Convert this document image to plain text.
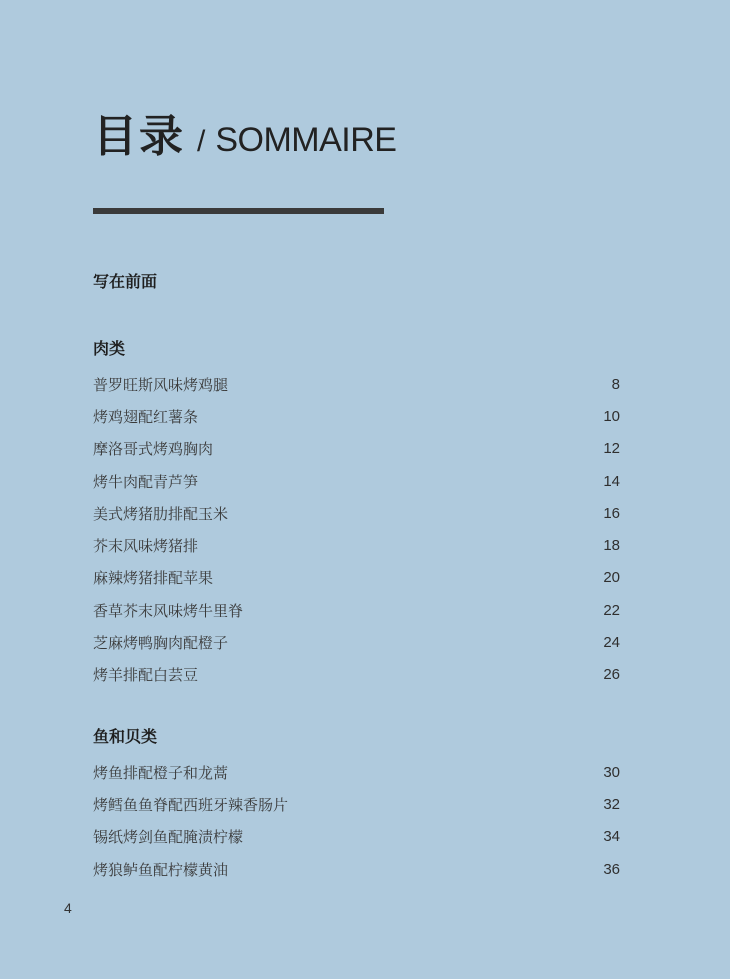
目录 / SOMMAIRE
写在前面
肉类
普罗旺斯风味烤鸡腿	8
烤鸡翅配红薯条	10
摩洛哥式烤鸡胸肉	12
烤牛肉配青芦笋	14
美式烤猪肋排配玉米	16
芥末风味烤猪排	18
麻辣烤猪排配苹果	20
香草芥末风味烤牛里脊	22
芝麻烤鸭胸肉配橙子	24
烤羊排配白芸豆	26
鱼和贝类
烤鱼排配橙子和龙蒿	30
烤鳕鱼鱼脊配西班牙辣香肠片	32
锡纸烤剑鱼配腌渍柠檬	34
烤狼鲈鱼配柠檬黄油	36
4
